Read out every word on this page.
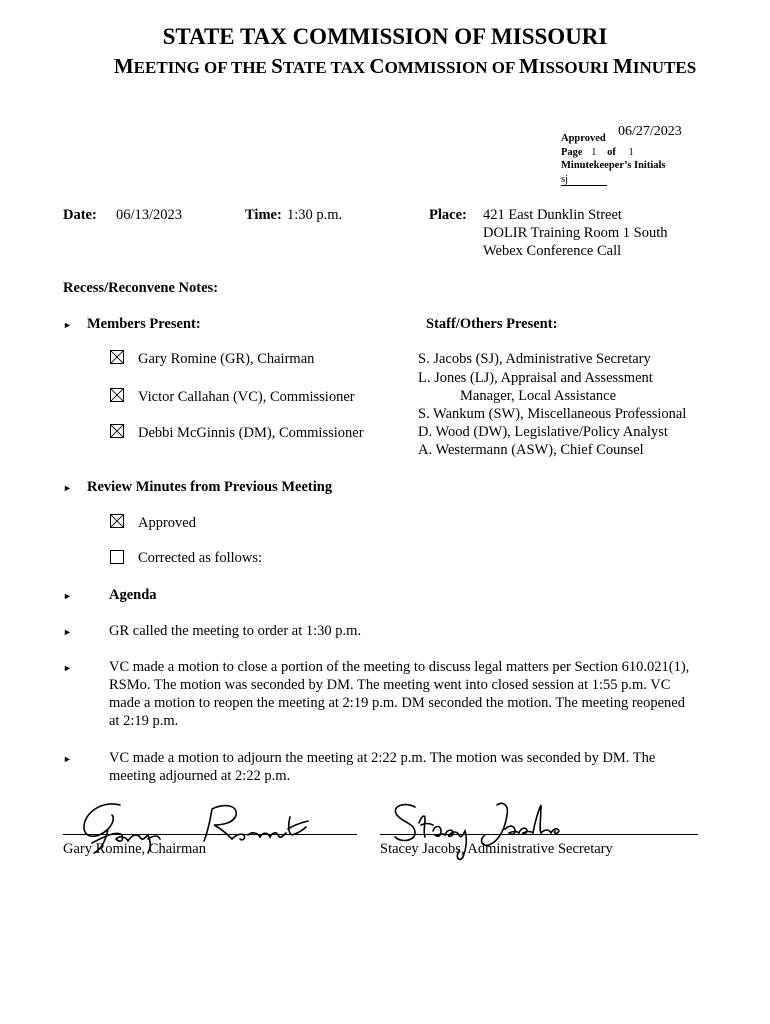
STATE TAX COMMISSION OF MISSOURI
MEETING OF THE STATE TAX COMMISSION OF MISSOURI MINUTES
Approved 06/27/2023
Page 1 of 1
Minutekeeper’s Initials
sj
Date: 06/13/2023	Time: 1:30 p.m.	Place: 421 East Dunklin Street
DOLIR Training Room 1 South
Webex Conference Call
Recess/Reconvene Notes:
► Members Present:	Staff/Others Present:
Gary Romine (GR), Chairman
Victor Callahan (VC), Commissioner
Debbi McGinnis (DM), Commissioner
S. Jacobs (SJ), Administrative Secretary
L. Jones (LJ), Appraisal and Assessment
Manager, Local Assistance
S. Wankum (SW), Miscellaneous Professional
D. Wood (DW), Legislative/Policy Analyst
A. Westermann (ASW), Chief Counsel
► Review Minutes from Previous Meeting
Approved
Corrected as follows:
►	Agenda
►	GR called the meeting to order at 1:30 p.m.
►	VC made a motion to close a portion of the meeting to discuss legal matters per Section 610.021(1),
RSMo. The motion was seconded by DM. The meeting went into closed session at 1:55 p.m. VC
made a motion to reopen the meeting at 2:19 p.m. DM seconded the motion. The meeting reopened
at 2:19 p.m.
►	VC made a motion to adjourn the meeting at 2:22 p.m. The motion was seconded by DM. The
meeting adjourned at 2:22 p.m.
Gary Romine, Chairman	Stacey Jacobs, Administrative Secretary
